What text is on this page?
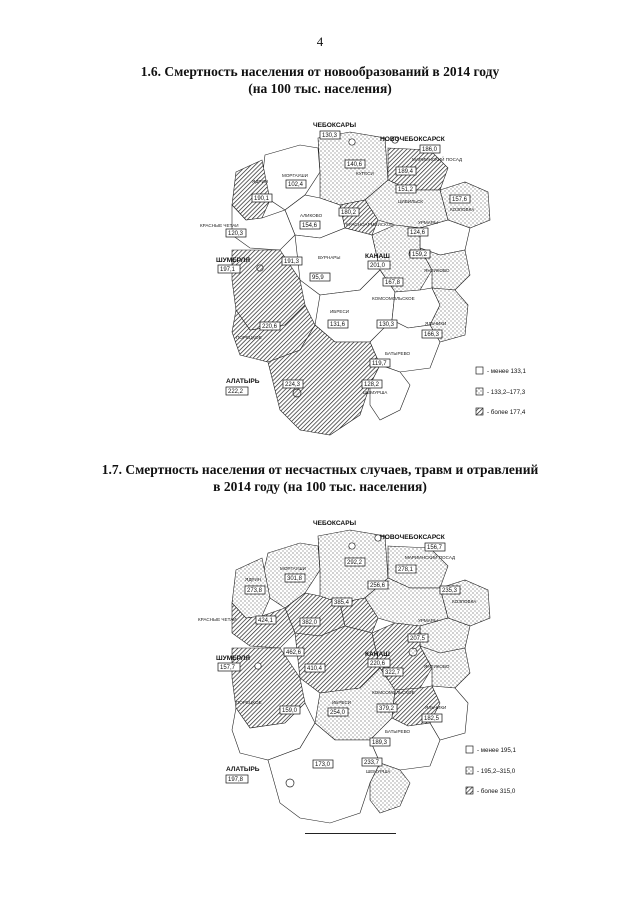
4
1.6. Смертность населения от новообразований в 2014 году
(на 100 тыс. населения)
ЧЕБОКСАРЫ
130,3	НОВОЧЕБОКСАРСК
186,0
ШУМЕРЛЯ
197,1
КАНАШ
201,0
АЛАТЫРЬ
222,2
МОРГАУШИ
102,4
ЯДРИН
190,1
140,6
КУГЕСИ
МАРИИНСКИЙ ПОСАД
189,4
151,2
ЦИВИЛЬСК	157,6
КОЗЛОВКА
АЛИКОВО
154,6
180,2
КРАСНОАРМЕЙСКОЕ
КРАСНЫЕ ЧЕТАИ
120,3
УРМАРЫ
124,6
191,3
ВУРНАРЫ
95,9
159,2
ЯНТИКОВО
167,8
КОМСОМОЛЬСКОЕ
ИБРЕСИ
131,6	130,3	ЯЛЬЧИКИ
166,3
220,6
ПОРЕЦКОЕ
БАТЫРЕВО
119,7
224,3	128,2
ШЕМУРША
- менее 133,1
- 133,2–177,3
- более 177,4
1.7. Смертность населения от несчастных случаев, травм и отравлений
в 2014 году (на 100 тыс. населения)
ЧЕБОКСАРЫ
НОВОЧЕБОКСАРСК
156,7
ШУМЕРЛЯ
157,7
КАНАШ
220,6
АЛАТЫРЬ
197,8
292,2
МАРИИНСКИЙ ПОСАД
278,1
МОРГАУШИ
301,8
ЯДРИН
273,8
256,6
235,3
КОЗЛОВКА
КРАСНЫЕ ЧЕТАИ	424,1	382,0
385,4
УРМАРЫ
207,5
462,6
410,4	ЯНТИКОВО
322,7
КОМСОМОЛЬСКОЕ
ИБРЕСИ
254,0
379,2	ЯЛЬЧИКИ
182,5
ПОРЕЦКОЕ
159,0
БАТЫРЕВО
189,3
173,0	233,7
ШЕМУРША
- менее 195,1
- 195,2–315,0
- более 315,0
